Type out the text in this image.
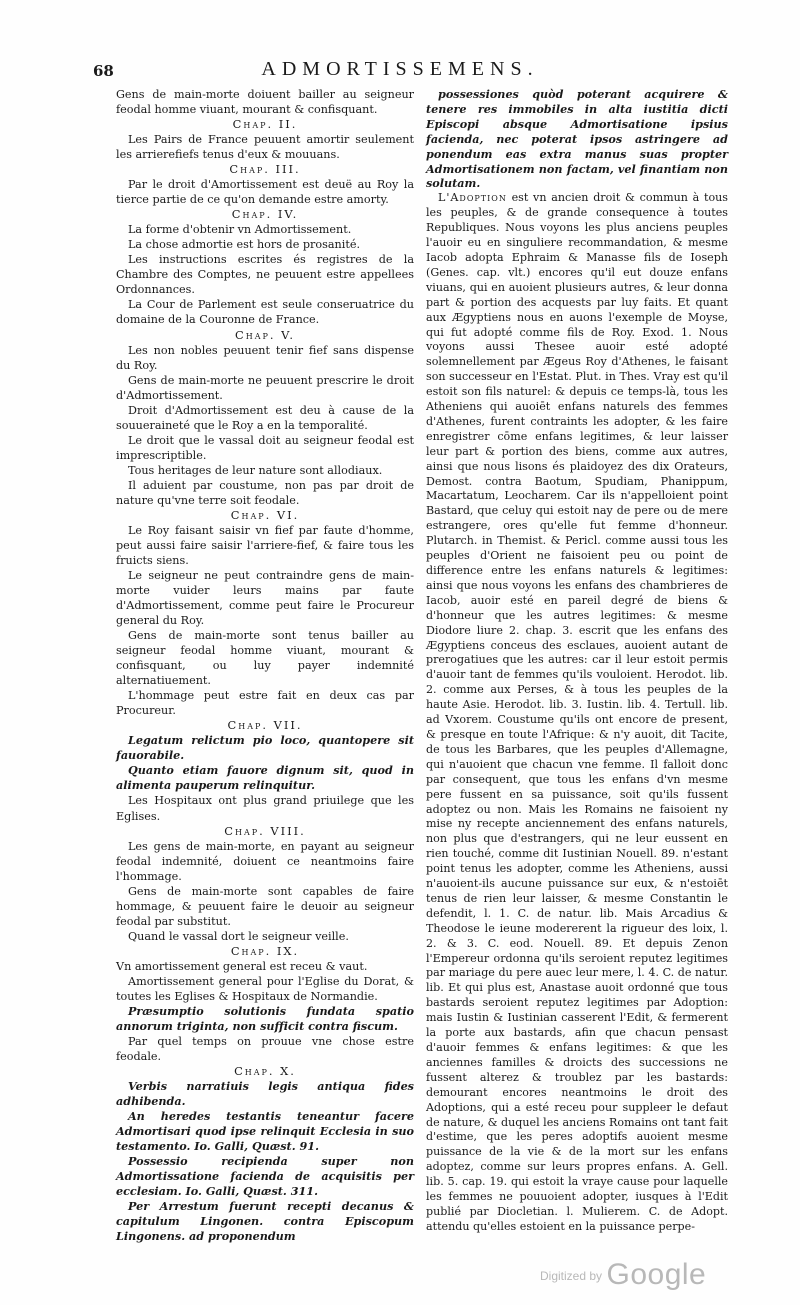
68	ADMORTISSEMENS.

Gens de main-morte doiuent bailler au seigneur feodal homme viuant, mourant & confisquant.

Chap. II.

Les Pairs de France peuuent amortir seulement les arrierefiefs tenus d'eux & mouuans.

Chap. III.

Par le droit d'Amortissement est deuë au Roy la tierce partie de ce qu'on demande estre amorty.

Chap. IV.

La forme d'obtenir vn Admortissement.

La chose admortie est hors de prosanité.

Les instructions escrites és registres de la Chambre des Comptes, ne peuuent estre appellees Ordonnances.

La Cour de Parlement est seule conseruatrice du domaine de la Couronne de France.

Chap. V.

Les non nobles peuuent tenir fief sans dispense du Roy.

Gens de main-morte ne peuuent prescrire le droit d'Admortissement.

Droit d'Admortissement est deu à cause de la souueraineté que le Roy a en la temporalité.

Le droit que le vassal doit au seigneur feodal est imprescriptible.

Tous heritages de leur nature sont allodiaux.

Il aduient par coustume, non pas par droit de nature qu'vne terre soit feodale.

Chap. VI.

Le Roy faisant saisir vn fief par faute d'homme, peut aussi faire saisir l'arriere-fief, & faire tous les fruicts siens.

Le seigneur ne peut contraindre gens de main-morte vuider leurs mains par faute d'Admortissement, comme peut faire le Procureur general du Roy.

Gens de main-morte sont tenus bailler au seigneur feodal homme viuant, mourant & confisquant, ou luy payer indemnité alternatiuement.

L'hommage peut estre fait en deux cas par Procureur.

Chap. VII.

Legatum relictum pio loco, quantopere sit fauorabile.

Quanto etiam fauore dignum sit, quod in alimenta pauperum relinquitur.

Les Hospitaux ont plus grand priuilege que les Eglises.

Chap. VIII.

Les gens de main-morte, en payant au seigneur feodal indemnité, doiuent ce neantmoins faire l'hommage.

Gens de main-morte sont capables de faire hommage, & peuuent faire le deuoir au seigneur feodal par substitut.

Quand le vassal dort le seigneur veille.

Chap. IX.

Vn amortissement general est receu & vaut.

Amortissement general pour l'Eglise du Dorat, & toutes les Eglises & Hospitaux de Normandie.

Præsumptio solutionis fundata spatio annorum triginta, non sufficit contra fiscum.

Par quel temps on prouue vne chose estre feodale.

Chap. X.

Verbis narratiuis legis antiqua fides adhibenda.

An heredes testantis teneantur facere Admortisari quod ipse relinquit Ecclesia in suo testamento. Io. Galli, Quæst. 91.

Possessio recipienda super non Admortissatione facienda de acquisitis per ecclesiam. Io. Galli, Quæst. 311.

Per Arrestum fuerunt recepti decanus & capitulum Lingonen. contra Episcopum Lingonens. ad proponendum

possessiones quòd poterant acquirere & tenere res immobiles in alta iustitia dicti Episcopi absque Admortisatione ipsius facienda, nec poterat ipsos astringere ad ponendum eas extra manus suas propter Admortisationem non factam, vel finantiam non solutam.

L'Adoption est vn ancien droit & commun à tous les peuples, & de grande consequence à toutes Republiques. Nous voyons les plus anciens peuples l'auoir eu en singuliere recommandation, & mesme Iacob adopta Ephraim & Manasse fils de Ioseph (Genes. cap. vlt.) encores qu'il eut douze enfans viuans, qui en auoient plusieurs autres, & leur donna part & portion des acquests par luy faits. Et quant aux Ægyptiens nous en auons l'exemple de Moyse, qui fut adopté comme fils de Roy. Exod. 1. Nous voyons aussi Thesee auoir esté adopté solemnellement par Ægeus Roy d'Athenes, le faisant son successeur en l'Estat. Plut. in Thes. Vray est qu'il estoit son fils naturel: & depuis ce temps-là, tous les Atheniens qui auoiēt enfans naturels des femmes d'Athenes, furent contraints les adopter, & les faire enregistrer cōme enfans legitimes, & leur laisser leur part & portion des biens, comme aux autres, ainsi que nous lisons és plaidoyez des dix Orateurs, Demost. contra Baotum, Spudiam, Phanippum, Macartatum, Leocharem. Car ils n'appelloient point Bastard, que celuy qui estoit nay de pere ou de mere estrangere, ores qu'elle fut femme d'honneur. Plutarch. in Themist. & Pericl. comme aussi tous les peuples d'Orient ne faisoient peu ou point de difference entre les enfans naturels & legitimes: ainsi que nous voyons les enfans des chambrieres de Iacob, auoir esté en pareil degré de biens & d'honneur que les autres legitimes: & mesme Diodore liure 2. chap. 3. escrit que les enfans des Ægyptiens conceus des esclaues, auoient autant de prerogatiues que les autres: car il leur estoit permis d'auoir tant de femmes qu'ils vouloient. Herodot. lib. 2. comme aux Perses, & à tous les peuples de la haute Asie. Herodot. lib. 3. Iustin. lib. 4. Tertull. lib. ad Vxorem. Coustume qu'ils ont encore de present, & presque en toute l'Afrique: & n'y auoit, dit Tacite, de tous les Barbares, que les peuples d'Allemagne, qui n'auoient que chacun vne femme. Il falloit donc par consequent, que tous les enfans d'vn mesme pere fussent en sa puissance, soit qu'ils fussent adoptez ou non. Mais les Romains ne faisoient ny mise ny recepte anciennement des enfans naturels, non plus que d'estrangers, qui ne leur eussent en rien touché, comme dit Iustinian Nouell. 89. n'estant point tenus les adopter, comme les Atheniens, aussi n'auoient-ils aucune puissance sur eux, & n'estoiēt tenus de rien leur laisser, & mesme Constantin le defendit, l. 1. C. de natur. lib. Mais Arcadius & Theodose le ieune modererent la rigueur des loix, l. 2. & 3. C. eod. Nouell. 89. Et depuis Zenon l'Empereur ordonna qu'ils seroient reputez legitimes par mariage du pere auec leur mere, l. 4. C. de natur. lib. Et qui plus est, Anastase auoit ordonné que tous bastards seroient reputez legitimes par Adoption: mais Iustin & Iustinian casserent l'Edit, & fermerent la porte aux bastards, afin que chacun pensast d'auoir femmes & enfans legitimes: & que les anciennes familles & droicts des successions ne fussent alterez & troublez par les bastards: demourant encores neantmoins le droit des Adoptions, qui a esté receu pour suppleer le defaut de nature, & duquel les anciens Romains ont tant fait d'estime, que les peres adoptifs auoient mesme puissance de la vie & de la mort sur les enfans adoptez, comme sur leurs propres enfans. A. Gell. lib. 5. cap. 19. qui estoit la vraye cause pour laquelle les femmes ne pouuoient adopter, iusques à l'Edit publié par Diocletian. l. Mulierem. C. de Adopt. attendu qu'elles estoient en la puissance perpe-

$^{Digitized by}$ Google
